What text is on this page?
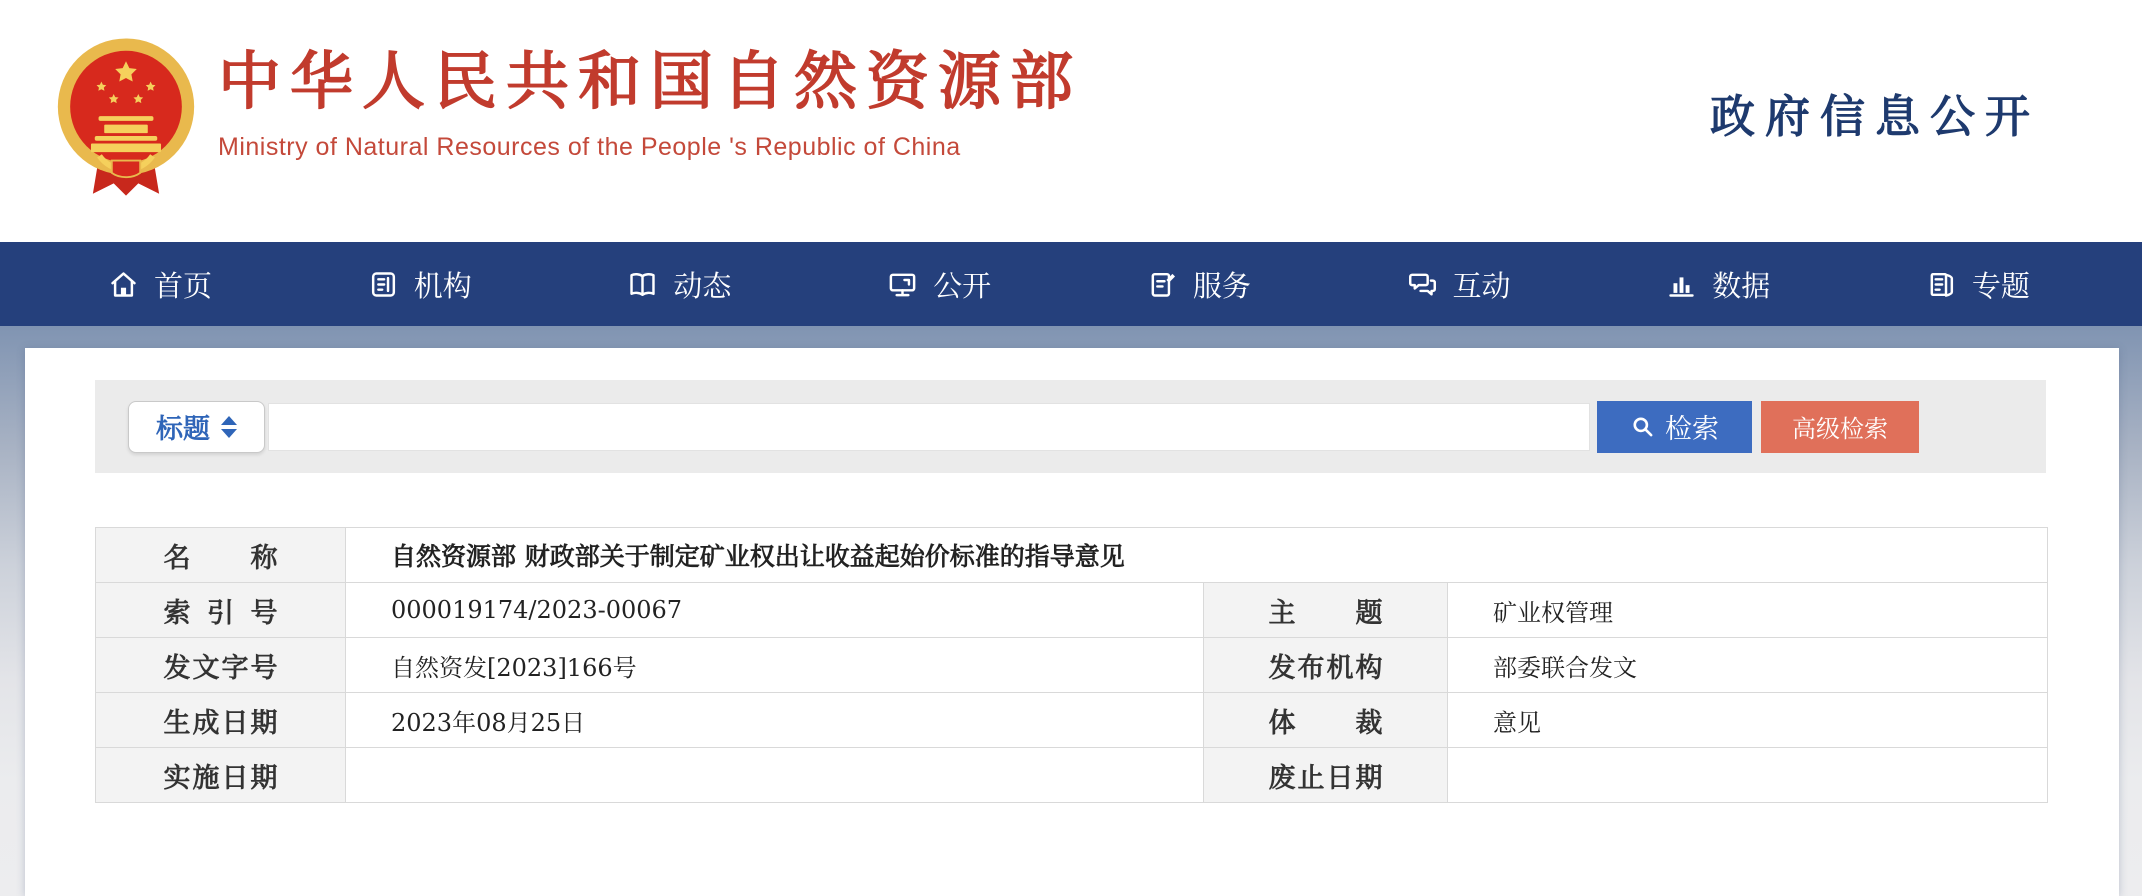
中华人民共和国自然资源部
Ministry of Natural Resources of the People 's Republic of China
政府信息公开
首页	机构	动态	公开	服务	互动	数据	专题
标题	检索	高级检索
名称	自然资源部 财政部关于制定矿业权出让收益起始价标准的指导意见		
索引号	000019174/2023-00067	主题	矿业权管理
发文字号	自然资发[2023]166号	发布机构	部委联合发文
生成日期	2023年08月25日	体裁	意见
实施日期		废止日期	
